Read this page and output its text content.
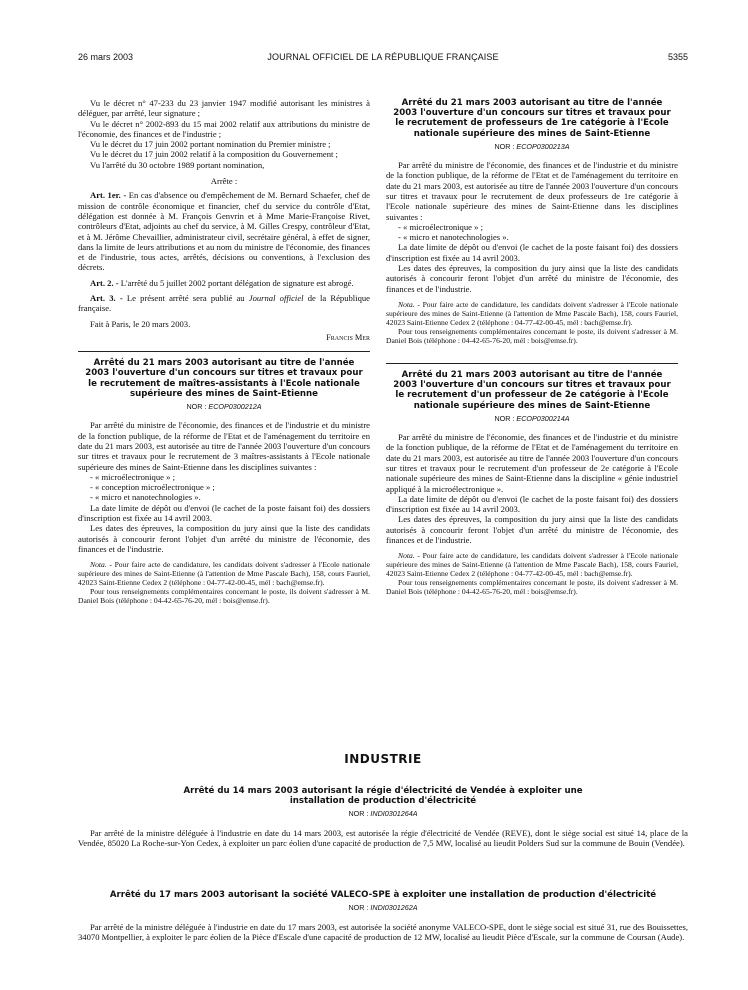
26 mars 2003	JOURNAL OFFICIEL DE LA RÉPUBLIQUE FRANÇAISE	5355

Vu le décret n° 47-233 du 23 janvier 1947 modifié autorisant les ministres à déléguer, par arrêté, leur signature ;

Vu le décret n° 2002-893 du 15 mai 2002 relatif aux attributions du ministre de l'économie, des finances et de l'industrie ;

Vu le décret du 17 juin 2002 portant nomination du Premier ministre ;

Vu le décret du 17 juin 2002 relatif à la composition du Gouvernement ;

Vu l'arrêté du 30 octobre 1989 portant nomination,

Arrête :

Art. 1er. - En cas d'absence ou d'empêchement de M. Bernard Schaefer, chef de mission de contrôle économique et financier, chef du service du contrôle d'Etat, délégation est donnée à M. François Genvrin et à Mme Marie-Françoise Rivet, contrôleurs d'Etat, adjoints au chef du service, à M. Gilles Crespy, contrôleur d'Etat, et à M. Jérôme Chevaillier, administrateur civil, secrétaire général, à effet de signer, dans la limite de leurs attributions et au nom du ministre de l'économie, des finances et de l'industrie, tous actes, arrêtés, décisions ou conventions, à l'exclusion des décrets.

Art. 2. - L'arrêté du 5 juillet 2002 portant délégation de signature est abrogé.

Art. 3. - Le présent arrêté sera publié au Journal officiel de la République française.

Fait à Paris, le 20 mars 2003.

Francis Mer

Arrêté du 21 mars 2003 autorisant au titre de l'année 2003 l'ouverture d'un concours sur titres et travaux pour le recrutement de maîtres-assistants à l'Ecole nationale supérieure des mines de Saint-Etienne
NOR : ECOP0300212A

Par arrêté du ministre de l'économie, des finances et de l'industrie et du ministre de la fonction publique, de la réforme de l'Etat et de l'aménagement du territoire en date du 21 mars 2003, est autorisée au titre de l'année 2003 l'ouverture d'un concours sur titres et travaux pour le recrutement de 3 maîtres-assistants à l'Ecole nationale supérieure des mines de Saint-Etienne dans les disciplines suivantes :

- « microélectronique » ;
- « conception microélectronique » ;
- « micro et nanotechnologies ».

La date limite de dépôt ou d'envoi (le cachet de la poste faisant foi) des dossiers d'inscription est fixée au 14 avril 2003.

Les dates des épreuves, la composition du jury ainsi que la liste des candidats autorisés à concourir feront l'objet d'un arrêté du ministre de l'économie, des finances et de l'industrie.

Nota. - Pour faire acte de candidature, les candidats doivent s'adresser à l'Ecole nationale supérieure des mines de Saint-Etienne (à l'attention de Mme Pascale Bach), 158, cours Fauriel, 42023 Saint-Etienne Cedex 2 (téléphone : 04-77-42-00-45, mél : bach@emse.fr).

Pour tous renseignements complémentaires concernant le poste, ils doivent s'adresser à M. Daniel Bois (téléphone : 04-42-65-76-20, mél : bois@emse.fr).

Arrêté du 21 mars 2003 autorisant au titre de l'année 2003 l'ouverture d'un concours sur titres et travaux pour le recrutement de professeurs de 1re catégorie à l'Ecole nationale supérieure des mines de Saint-Etienne
NOR : ECOP0300213A

Par arrêté du ministre de l'économie, des finances et de l'industrie et du ministre de la fonction publique, de la réforme de l'Etat et de l'aménagement du territoire en date du 21 mars 2003, est autorisée au titre de l'année 2003 l'ouverture d'un concours sur titres et travaux pour le recrutement de deux professeurs de 1re catégorie à l'Ecole nationale supérieure des mines de Saint-Etienne dans les disciplines suivantes :

- « microélectronique » ;
- « micro et nanotechnologies ».

La date limite de dépôt ou d'envoi (le cachet de la poste faisant foi) des dossiers d'inscription est fixée au 14 avril 2003.

Les dates des épreuves, la composition du jury ainsi que la liste des candidats autorisés à concourir feront l'objet d'un arrêté du ministre de l'économie, des finances et de l'industrie.

Nota. - Pour faire acte de candidature, les candidats doivent s'adresser à l'Ecole nationale supérieure des mines de Saint-Etienne (à l'attention de Mme Pascale Bach), 158, cours Fauriel, 42023 Saint-Etienne Cedex 2 (téléphone : 04-77-42-00-45, mél : bach@emse.fr).

Pour tous renseignements complémentaires concernant le poste, ils doivent s'adresser à M. Daniel Bois (téléphone : 04-42-65-76-20, mél : bois@emse.fr).

Arrêté du 21 mars 2003 autorisant au titre de l'année 2003 l'ouverture d'un concours sur titres et travaux pour le recrutement d'un professeur de 2e catégorie à l'Ecole nationale supérieure des mines de Saint-Etienne
NOR : ECOP0300214A

Par arrêté du ministre de l'économie, des finances et de l'industrie et du ministre de la fonction publique, de la réforme de l'Etat et de l'aménagement du territoire en date du 21 mars 2003, est autorisée au titre de l'année 2003 l'ouverture d'un concours sur titres et travaux pour le recrutement d'un professeur de 2e catégorie à l'Ecole nationale supérieure des mines de Saint-Etienne dans la discipline « génie industriel appliqué à la microélectronique ».

La date limite de dépôt ou d'envoi (le cachet de la poste faisant foi) des dossiers d'inscription est fixée au 14 avril 2003.

Les dates des épreuves, la composition du jury ainsi que la liste des candidats autorisés à concourir feront l'objet d'un arrêté du ministre de l'économie, des finances et de l'industrie.

Nota. - Pour faire acte de candidature, les candidats doivent s'adresser à l'Ecole nationale supérieure des mines de Saint-Etienne (à l'attention de Mme Pascale Bach), 158, cours Fauriel, 42023 Saint-Etienne Cedex 2 (téléphone : 04-77-42-00-45, mél : bach@emse.fr).

Pour tous renseignements complémentaires concernant le poste, ils doivent s'adresser à M. Daniel Bois (téléphone : 04-42-65-76-20, mél : bois@emse.fr).

INDUSTRIE
Arrêté du 14 mars 2003 autorisant la régie d'électricité de Vendée à exploiter une installation de production d'électricité
NOR : INDI0301264A

Par arrêté de la ministre déléguée à l'industrie en date du 14 mars 2003, est autorisée la régie d'électricité de Vendée (REVE), dont le siège social est situé 14, place de la Vendée, 85020 La Roche-sur-Yon Cedex, à exploiter un parc éolien d'une capacité de production de 7,5 MW, localisé au lieudit Polders Sud sur la commune de Bouin (Vendée).

Arrêté du 17 mars 2003 autorisant la société VALECO-SPE à exploiter une installation de production d'électricité
NOR : INDI0301262A

Par arrêté de la ministre déléguée à l'industrie en date du 17 mars 2003, est autorisée la société anonyme VALECO-SPE, dont le siège social est situé 31, rue des Bouissettes, 34070 Montpellier, à exploiter le parc éolien de la Pièce d'Escale d'une capacité de production de 12 MW, localisé au lieudit Pièce d'Escale, sur la commune de Coursan (Aude).
